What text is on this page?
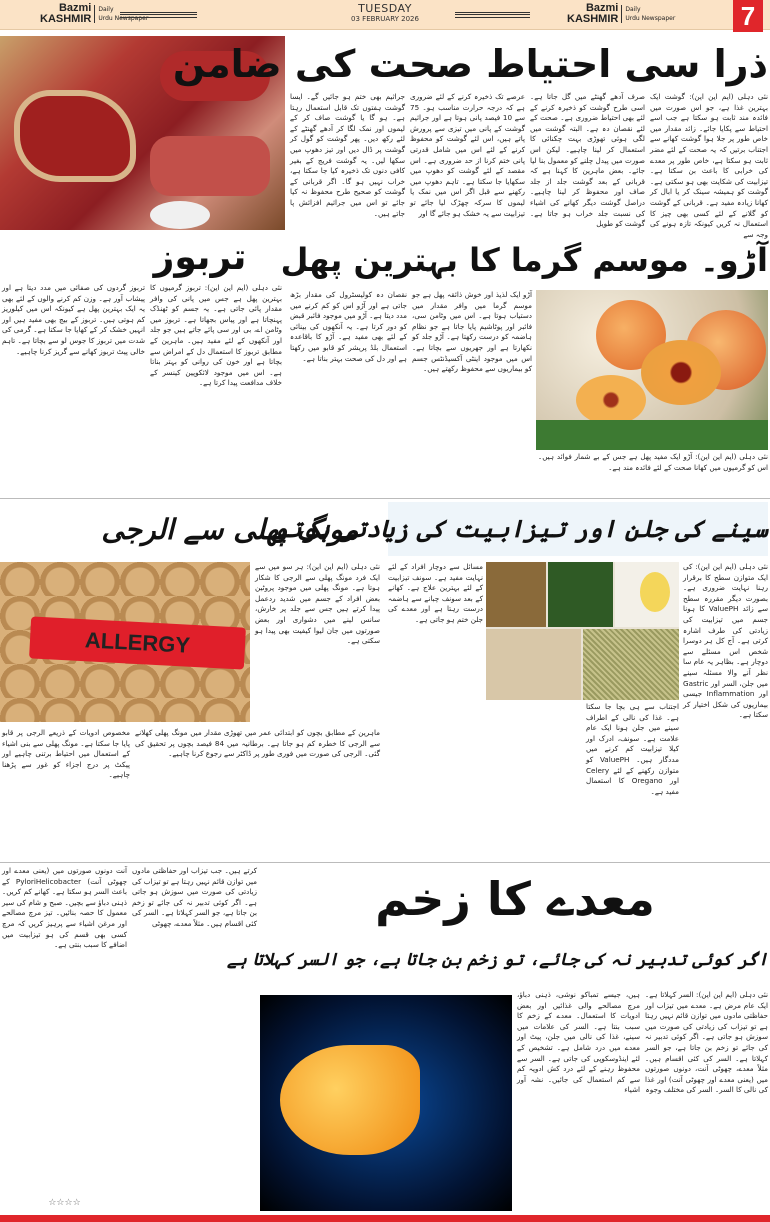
Bazmi
KASHMIR
Daily
Urdu Newspaper
TUESDAY
03 FEBRUARY 2026
Bazmi
KASHMIR
Daily
Urdu Newspaper	7
ذرا سی احتیاط صحت کی ضامن
نئی دہلی (ایم این این): گوشت ایک بہترین غذا ہے، جو اس صورت میں فائدہ مند ثابت ہو سکتا ہے جب اسے احتیاط سے پکایا جائے۔ زائد مقدار میں خاص طور پر جلا ہوا گوشت کھانے سے اجتناب برتیں کہ یہ صحت کے لئے مضر ثابت ہو سکتا ہے، خاص طور پر معدے کی خرابی کا باعث بن سکتا ہے۔ تیزابیت کی شکایت بھی ہو سکتی ہے۔ گوشت کو ہمیشہ سینک کر یا ابال کر کھانا زیادہ مفید ہے۔ قربانی کے گوشت کو گلانے کے لئے کسی بھی چیز کا استعمال نہ کریں کیونکہ تازہ ہونے کی وجہ سے
صرف آدھے گھنٹے میں گل جاتا ہے۔ اسی طرح گوشت کو ذخیرہ کرنے کے لئے بھی احتیاط ضروری ہے۔ صحت کے لئے نقصان دہ ہے۔ البتہ گوشت میں لگی ہوئی تھوڑی بہت چکنائی کا استعمال کر لینا چاہیے۔ لیکن اس صورت میں پیدل چلنے کو معمول بنا لیا جائے۔ بعض ماہرین کا کہنا ہے کہ قربانی کے بعد گوشت جلد از جلد صاف اور محفوظ کر لینا چاہیے۔ دراصل گوشت دیگر کھانے کی اشیاء کی نسبت جلد خراب ہو جاتا ہے۔ گوشت کو طویل
عرصے تک ذخیرہ کرنے کے لئے ضروری ہے کہ درجہ حرارت مناسب ہو۔ 75 سے 10 فیصد پانی ہوتا ہے اور جراثیم گوشت کے پانی میں تیزی سے پرورش پاتے ہیں، اس لئے گوشت کو محفوظ کرنے کے لئے اس میں شامل قدرتی پانی ختم کرنا از حد ضروری ہے۔ اس مقصد کے لئے گوشت کو دھوپ میں سکھایا جا سکتا ہے۔ تاہم دھوپ میں رکھنے سے قبل اگر اس میں نمک یا لیموں کا سرکہ چھڑک لیا جائے تو تیزابیت سے یہ خشک ہو جائے گا اور
جراثیم بھی ختم ہو جائیں گے۔ ایسا گوشت ہفتوں تک قابل استعمال رہتا ہے۔ ہو گا یا گوشت صاف کر کے لیموں اور نمک لگا کر آدھے گھنٹے کے لئے رکھ دیں۔ پھر گوشت کو گول کر گوشت پر ڈال دیں اور تیز دھوپ میں سکھا لیں۔ یہ گوشت فریج کے بغیر کافی دنوں تک ذخیرہ کیا جا سکتا ہے، خراب نہیں ہو گا۔ اگر قربانی کے گوشت کو صحیح طرح محفوظ نہ کیا جائے تو اس میں جراثیم افزائش پا جاتے ہیں۔
تربوز
نئی دہلی (ایم این این): تربوز گرمیوں کا بہترین پھل ہے جس میں پانی کی وافر مقدار پائی جاتی ہے۔ یہ جسم کو ٹھنڈک پہنچاتا ہے اور پیاس بجھاتا ہے۔ تربوز میں وٹامن اے، بی اور سی پائے جاتے ہیں جو جلد اور آنکھوں کے لئے مفید ہیں۔ ماہرین کے مطابق تربوز کا استعمال دل کے امراض سے بچاتا ہے اور خون کی روانی کو بہتر بناتا ہے۔ اس میں موجود لائکوپین کینسر کے خلاف مدافعت پیدا کرتا ہے۔
تربوز گردوں کی صفائی میں مدد دیتا ہے اور پیشاب آور ہے۔ وزن کم کرنے والوں کے لئے بھی یہ ایک بہترین پھل ہے کیونکہ اس میں کیلوریز کم ہوتی ہیں۔ تربوز کے بیج بھی مفید ہیں اور انہیں خشک کر کے کھایا جا سکتا ہے۔ گرمی کی شدت میں تربوز کا جوس لو سے بچاتا ہے۔ تاہم خالی پیٹ تربوز کھانے سے گریز کرنا چاہیے۔
آڑو۔ موسم گرما کا بہترین پھل
آڑو ایک لذیذ اور خوش ذائقہ پھل ہے جو موسم گرما میں وافر مقدار میں دستیاب ہوتا ہے۔ اس میں وٹامن سی، فائبر اور پوٹاشیم پایا جاتا ہے جو نظام ہاضمہ کو درست رکھتا ہے۔ آڑو جلد کو نکھارتا ہے اور جھریوں سے بچاتا ہے۔ اس میں موجود اینٹی آکسیڈنٹس جسم کو بیماریوں سے محفوظ رکھتے ہیں۔
نقصان دہ کولیسٹرول کی مقدار بڑھ جاتی ہے اور آڑو اس کو کم کرنے میں مدد دیتا ہے۔ آڑو میں موجود فائبر قبض کو دور کرتا ہے۔ یہ آنکھوں کی بینائی کے لئے بھی مفید ہے۔ آڑو کا باقاعدہ استعمال بلڈ پریشر کو قابو میں رکھتا ہے اور دل کی صحت بہتر بناتا ہے۔
نئی دہلی (ایم این این): آڑو ایک مفید پھل ہے جس کے بے شمار فوائد ہیں۔ اس کو گرمیوں میں کھانا صحت کے لئے فائدہ مند ہے۔
مونگ پھلی سے الرجی
ALLERGY
نئی دہلی (ایم این این): ہر سو میں سے ایک فرد مونگ پھلی سے الرجی کا شکار ہوتا ہے۔ مونگ پھلی میں موجود پروٹین بعض افراد کے جسم میں شدید ردعمل پیدا کرتے ہیں جس سے جلد پر خارش، سانس لینے میں دشواری اور بعض صورتوں میں جان لیوا کیفیت بھی پیدا ہو سکتی ہے۔
ماہرین کے مطابق بچوں کو ابتدائی عمر میں تھوڑی مقدار میں مونگ پھلی کھلانے سے الرجی کا خطرہ کم ہو جاتا ہے۔ برطانیہ میں 84 فیصد بچوں پر تحقیق کی گئی۔ الرجی کی صورت میں فوری طور پر ڈاکٹر سے رجوع کرنا چاہیے۔
مخصوص ادویات کے ذریعے الرجی پر قابو پایا جا سکتا ہے۔ مونگ پھلی سے بنی اشیاء کے استعمال میں احتیاط برتنی چاہیے اور پیکٹ پر درج اجزاء کو غور سے پڑھنا چاہیے۔
سینے کی جلن اور تیزابیت کی زیادتی ہوتو
مسائل سے دوچار افراد کے لئے نہایت مفید ہے۔ سونف تیزابیت کے لئے بہترین علاج ہے۔ کھانے کے بعد سونف چبانے سے ہاضمہ درست رہتا ہے اور معدے کی جلن ختم ہو جاتی ہے۔
اجتناب سے ہی بچا جا سکتا ہے۔ غذا کی نالی کے اطراف سینے میں جلن ہونا ایک عام علامت ہے۔ سونف، ادرک اور کیلا تیزابیت کم کرنے میں مددگار ہیں۔ ValuePH کو متوازن رکھنے کے لئے Celery اور Oregano کا استعمال مفید ہے۔
نئی دہلی (ایم این این): کی ایک متوازن سطح کا برقرار رہنا نہایت ضروری ہے۔ بصورت دیگر مقررہ سطح سے زائد ValuePH کا ہونا جسم میں تیزابیت کی زیادتی کی طرف اشارہ کرتی ہے۔ آج کل ہر دوسرا شخص اس مسئلے سے دوچار ہے۔ بظاہر یہ عام سا نظر آنے والا مسئلہ سینے میں جلن، السر اور Gastric اور Inflammation جیسی بیماریوں کی شکل اختیار کر سکتا ہے۔
معدے کا زخم
اگر کوئی تدبیر نہ کی جائے، تو زخم بن جاتا ہے، جو السر کہلاتا ہے
نئی دہلی (ایم این این): السر کہلاتا ہے۔ ایک عام مرض ہے۔ معدے میں تیزاب اور حفاظتی مادوں میں توازن قائم نہیں رہتا ہے تو تیزاب کی زیادتی کی صورت میں سوزش ہو جاتی ہے۔ اگر کوئی تدبیر نہ کی جائے تو زخم بن جاتا ہے، جو السر کہلاتا ہے۔ السر کی کئی اقسام ہیں۔ مثلاً معدے، چھوٹی آنت، دونوں صورتوں میں (یعنی معدے اور چھوٹی آنت) اور غذا کی نالی کا السر۔ السر کی مختلف وجوہ
ہیں، جیسے تمباکو نوشی، ذہنی دباؤ، مرچ مصالحے والی غذائیں اور بعض ادویات کا استعمال۔ معدے کے زخم کا سبب بنتا ہے۔ السر کی علامات میں سینے، غذا کی نالی میں جلن، پیٹ اور معدے میں درد شامل ہے۔ تشخیص کے لئے اینڈوسکوپی کی جاتی ہے۔ السر سے محفوظ رہنے کے لئے درد کش ادویہ کم سے کم استعمال کی جائیں۔ نشہ آور اشیاء
کرتے ہیں۔ جب تیزاب اور حفاظتی مادوں میں توازن قائم نہیں رہتا ہے تو تیزاب کی زیادتی کی صورت میں سوزش ہو جاتی ہے۔ اگر کوئی تدبیر نہ کی جائے تو زخم بن جاتا ہے، جو السر کہلاتا ہے۔ السر کی کئی اقسام ہیں۔ مثلاً معدے، چھوٹی
آنت دونوں صورتوں میں (یعنی معدے اور چھوٹی آنت) PyloriHelicobacter کے باعث السر ہو سکتا ہے۔ کھانے کم کریں۔ ذہنی دباؤ سے بچیں۔ صبح و شام کی سیر معمول کا حصہ بنائیں۔ تیز مرچ مصالحے اور مرغن اشیاء سے پرہیز کریں کہ مرچ کسی بھی قسم کی ہو تیزابیت میں اضافے کا سبب بنتی ہے۔
☆☆☆☆
